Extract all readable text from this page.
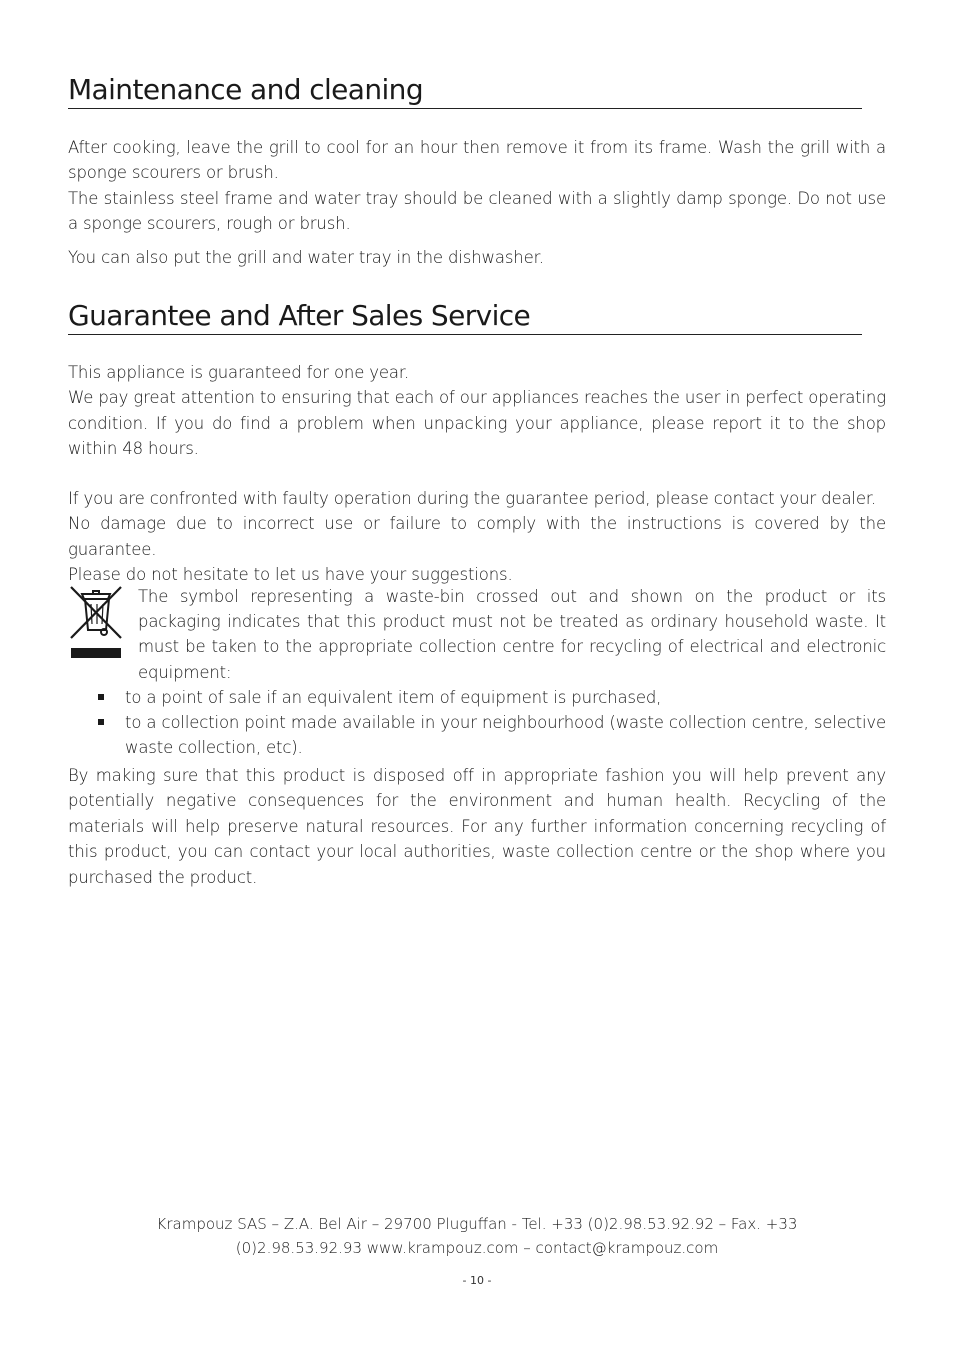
Maintenance and cleaning

After cooking, leave the grill to cool for an hour then remove it from its frame. Wash the grill with a sponge scourers or brush.
The stainless steel frame and water tray should be cleaned with a slightly damp sponge. Do not use a sponge scourers, rough or brush.

You can also put the grill and water tray in the dishwasher.

Guarantee and After Sales Service

This appliance is guaranteed for one year.
We pay great attention to ensuring that each of our appliances reaches the user in perfect operating condition. If you do find a problem when unpacking your appliance, please report it to the shop within 48 hours.

If you are confronted with faulty operation during the guarantee period, please contact your dealer.
No damage due to incorrect use or failure to comply with the instructions is covered by the guarantee.
Please do not hesitate to let us have your suggestions.

The symbol representing a waste-bin crossed out and shown on the product or its packaging indicates that this product must not be treated as ordinary household waste. It must be taken to the appropriate collection centre for recycling of electrical and electronic equipment:

to a point of sale if an equivalent item of equipment is purchased,
to a collection point made available in your neighbourhood (waste collection centre, selective waste collection, etc).

By making sure that this product is disposed off in appropriate fashion you will help prevent any potentially negative consequences for the environment and human health. Recycling of the materials will help preserve natural resources. For any further information concerning recycling of this product, you can contact your local authorities, waste collection centre or the shop where you purchased the product.

Krampouz SAS – Z.A. Bel Air – 29700 Pluguffan - Tel. +33 (0)2.98.53.92.92 – Fax. +33
(0)2.98.53.92.93 www.krampouz.com – contact@krampouz.com

- 10 -
